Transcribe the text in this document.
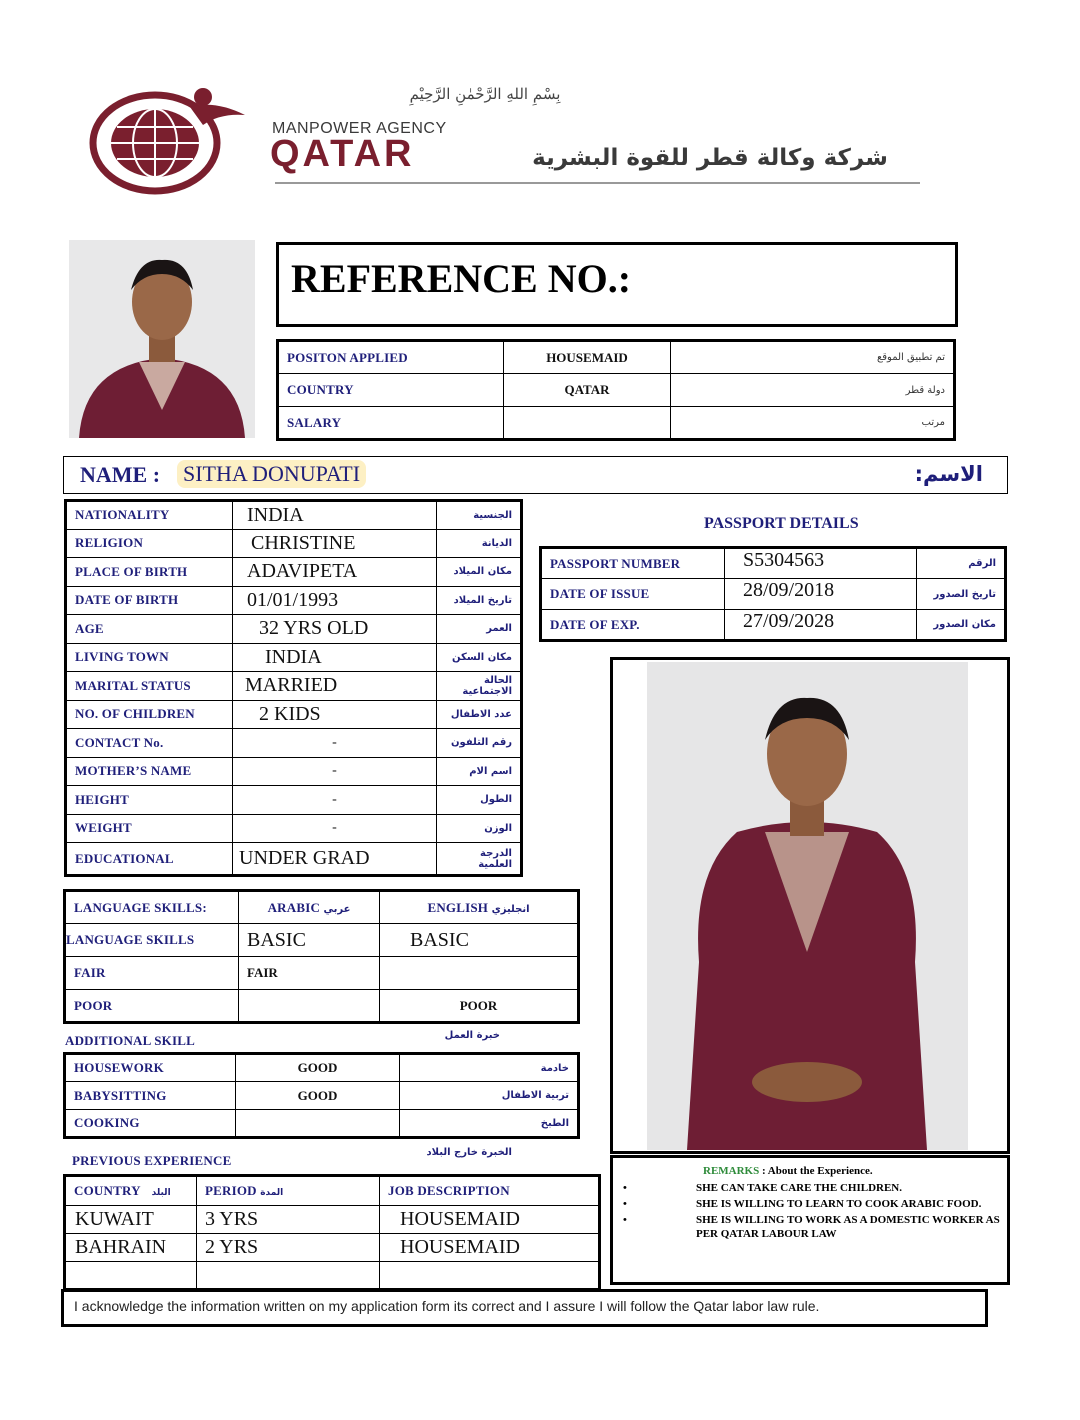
بِسْمِ اللهِ الرَّحْمٰنِ الرَّحِيْمِ
MANPOWER AGENCY
QATAR	شركة وكالة قطر للقوة البشرية
REFERENCE NO.:
POSITON APPLIED	HOUSEMAID	تم تطبيق الموقع
COUNTRY	QATAR	دولة قطر
SALARY		مرتب
NAME : SITHA DONUPATI	الاسم:
NATIONALITY	INDIA	الجنسية
RELIGION	CHRISTINE	الديانة
PLACE OF BIRTH	ADAVIPETA	مكان الميلاد
DATE OF BIRTH	01/01/1993	تاريخ الميلاد
AGE	32 YRS OLD	العمر
LIVING TOWN	INDIA	مكان السكن
MARITAL STATUS	MARRIED	الحالة الاجتماعية
NO. OF CHILDREN	2 KIDS	عدد الاطفال
CONTACT No.	-	رقم التلفون
MOTHER’S NAME	-	اسم الام
HEIGHT	-	الطول
WEIGHT	-	الوزن
EDUCATIONAL	UNDER GRAD	الدرجة العلمية
PASSPORT DETAILS
PASSPORT NUMBER	S5304563	الرقم
DATE OF ISSUE	28/09/2018	تاريخ الصدور
DATE OF EXP.	27/09/2028	مكان الصدور
LANGUAGE SKILLS:	ARABIC عربي	ENGLISH انجليزي
LANGUAGE SKILLS	BASIC	BASIC
FAIR	FAIR	
POOR		POOR
ADDITIONAL SKILL	خبرة العمل
HOUSEWORK	GOOD	خادمة
BABYSITTING	GOOD	تربية الاطفال
COOKING		الطبخ
PREVIOUS EXPERIENCE
الخبرة خارج البلاد
COUNTRY البلد	PERIOD المدة	JOB DESCRIPTION
KUWAIT	3 YRS	HOUSEMAID
BAHRAIN	2 YRS	HOUSEMAID

REMARKS : About the Experience.
•	SHE CAN TAKE CARE THE CHILDREN.
•	SHE IS WILLING TO LEARN TO COOK ARABIC FOOD.
•	SHE IS WILLING TO WORK AS A DOMESTIC WORKER AS PER QATAR LABOUR LAW
I acknowledge the information written on my application form its correct and I assure I will follow the Qatar labor law rule.
